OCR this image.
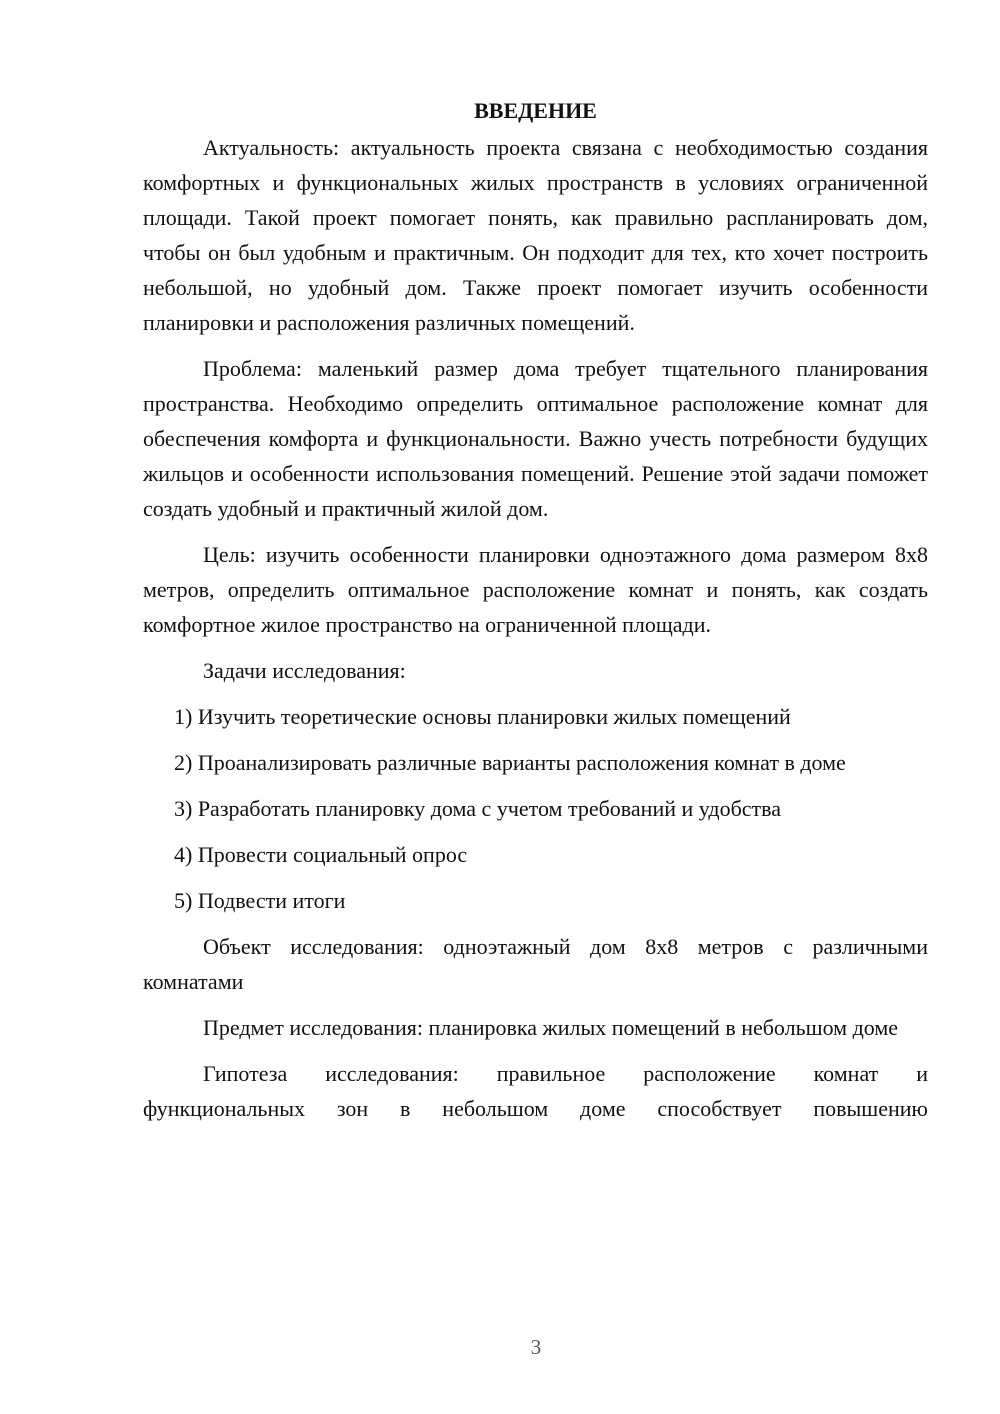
ВВЕДЕНИЕ

Актуальность: актуальность проекта связана с необходимостью создания комфортных и функциональных жилых пространств в условиях ограниченной площади. Такой проект помогает понять, как правильно распланировать дом, чтобы он был удобным и практичным. Он подходит для тех, кто хочет построить небольшой, но удобный дом. Также проект помогает изучить особенности планировки и расположения различных помещений.

Проблема: маленький размер дома требует тщательного планирования пространства. Необходимо определить оптимальное расположение комнат для обеспечения комфорта и функциональности. Важно учесть потребности будущих жильцов и особенности использования помещений. Решение этой задачи поможет создать удобный и практичный жилой дом.

Цель: изучить особенности планировки одноэтажного дома размером 8х8 метров, определить оптимальное расположение комнат и понять, как создать комфортное жилое пространство на ограниченной площади.

Задачи исследования:

1) Изучить теоретические основы планировки жилых помещений

2) Проанализировать различные варианты расположения комнат в доме

3) Разработать планировку дома с учетом требований и удобства

4) Провести социальный опрос

5) Подвести итоги

Объект исследования: одноэтажный дом 8х8 метров с различными комнатами

Предмет исследования: планировка жилых помещений в небольшом доме

Гипотеза исследования: правильное расположение комнат и функциональных зон в небольшом доме способствует повышению

3
